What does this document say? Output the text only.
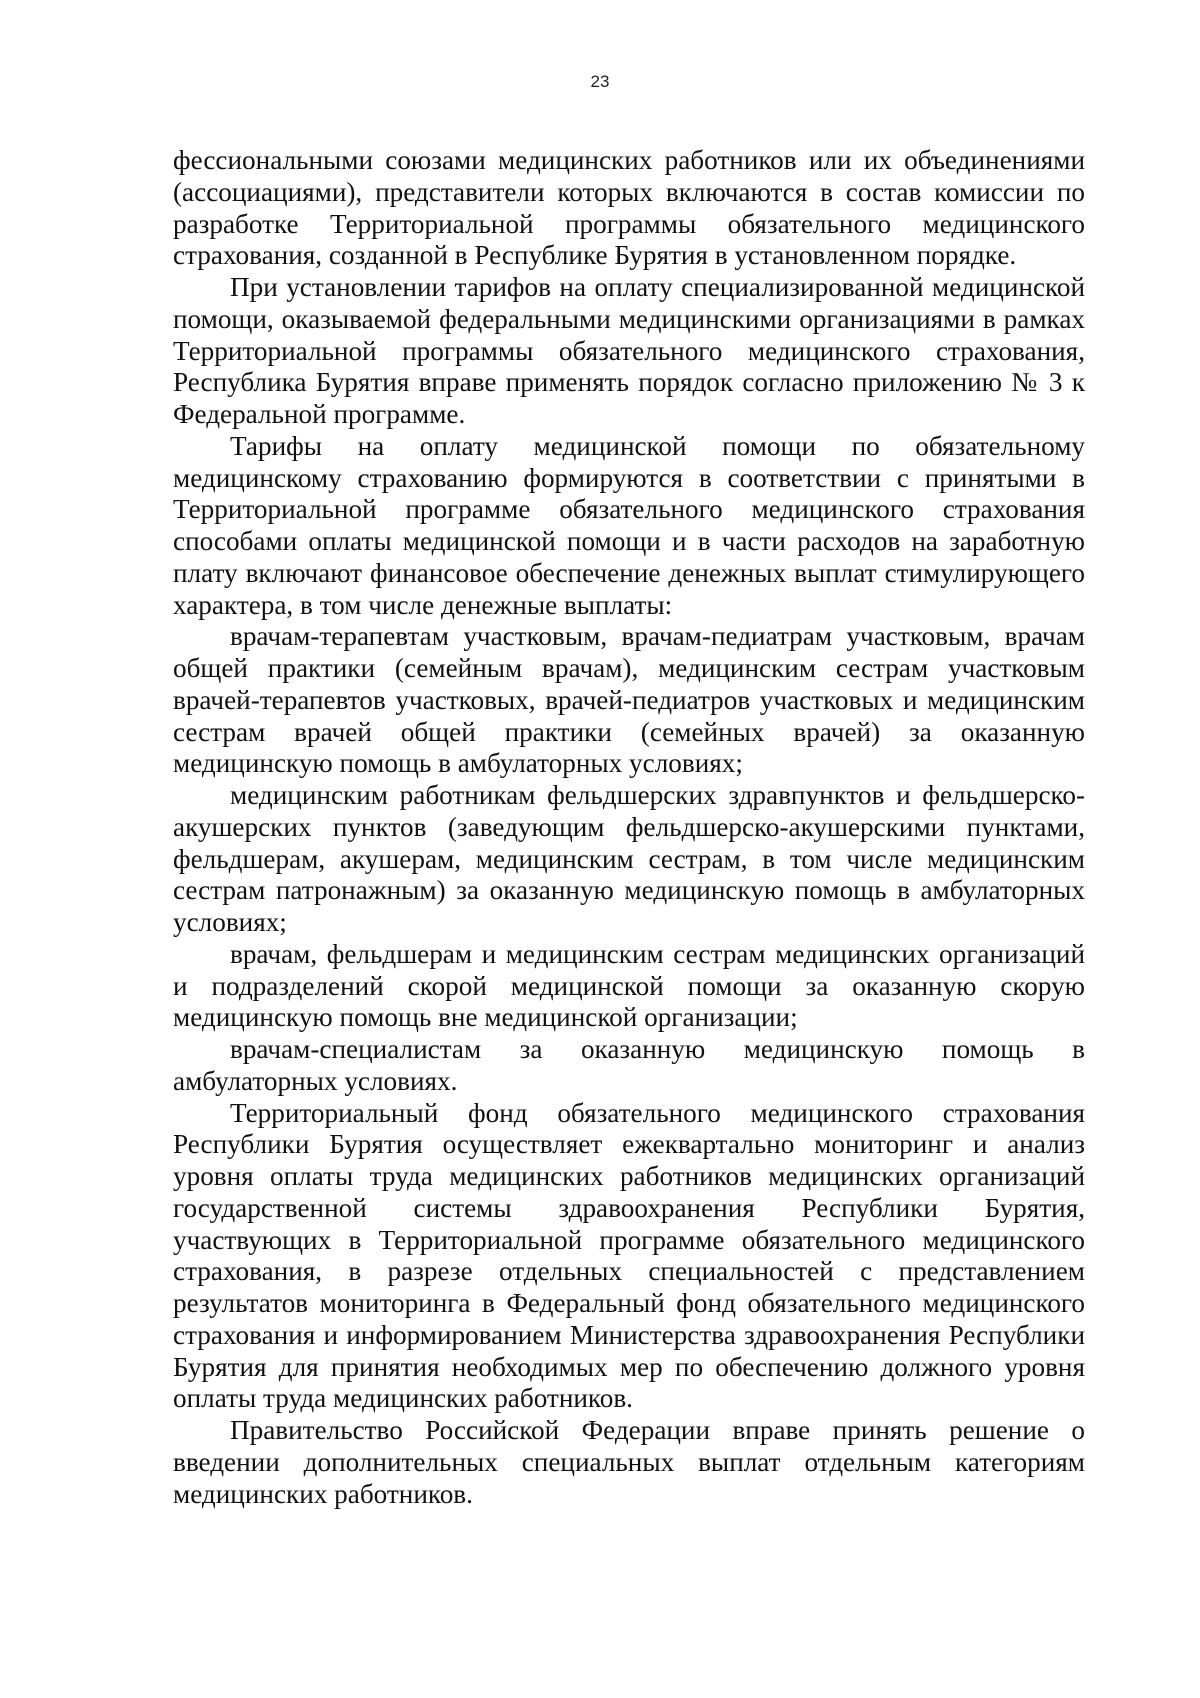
23

фессиональными союзами медицинских работников или их объединениями (ассоциациями), представители которых включаются в состав комиссии по разработке Территориальной программы обязательного медицинского страхования, созданной в Республике Бурятия в установленном порядке.

При установлении тарифов на оплату специализированной медицинской помощи, оказываемой федеральными медицинскими организациями в рамках Территориальной программы обязательного медицинского страхования, Республика Бурятия вправе применять порядок согласно приложению № 3 к Федеральной программе.

Тарифы на оплату медицинской помощи по обязательному медицинскому страхованию формируются в соответствии с принятыми в Территориальной программе обязательного медицинского страхования способами оплаты медицинской помощи и в части расходов на заработную плату включают финансовое обеспечение денежных выплат стимулирующего характера, в том числе денежные выплаты:

врачам-терапевтам участковым, врачам-педиатрам участковым, врачам общей практики (семейным врачам), медицинским сестрам участковым врачей-терапевтов участковых, врачей-педиатров участковых и медицинским сестрам врачей общей практики (семейных врачей) за оказанную медицинскую помощь в амбулаторных условиях;

медицинским работникам фельдшерских здравпунктов и фельдшерско-акушерских пунктов (заведующим фельдшерско-акушерскими пунктами, фельдшерам, акушерам, медицинским сестрам, в том числе медицинским сестрам патронажным) за оказанную медицинскую помощь в амбулаторных условиях;

врачам, фельдшерам и медицинским сестрам медицинских организаций и подразделений скорой медицинской помощи за оказанную скорую медицинскую помощь вне медицинской организации;

врачам-специалистам за оказанную медицинскую помощь в амбулаторных условиях.

Территориальный фонд обязательного медицинского страхования Республики Бурятия осуществляет ежеквартально мониторинг и анализ уровня оплаты труда медицинских работников медицинских организаций государственной системы здравоохранения Республики Бурятия, участвующих в Территориальной программе обязательного медицинского страхования, в разрезе отдельных специальностей с представлением результатов мониторинга в Федеральный фонд обязательного медицинского страхования и информированием Министерства здравоохранения Республики Бурятия для принятия необходимых мер по обеспечению должного уровня оплаты труда медицинских работников.

Правительство Российской Федерации вправе принять решение о введении дополнительных специальных выплат отдельным категориям медицинских работников.
